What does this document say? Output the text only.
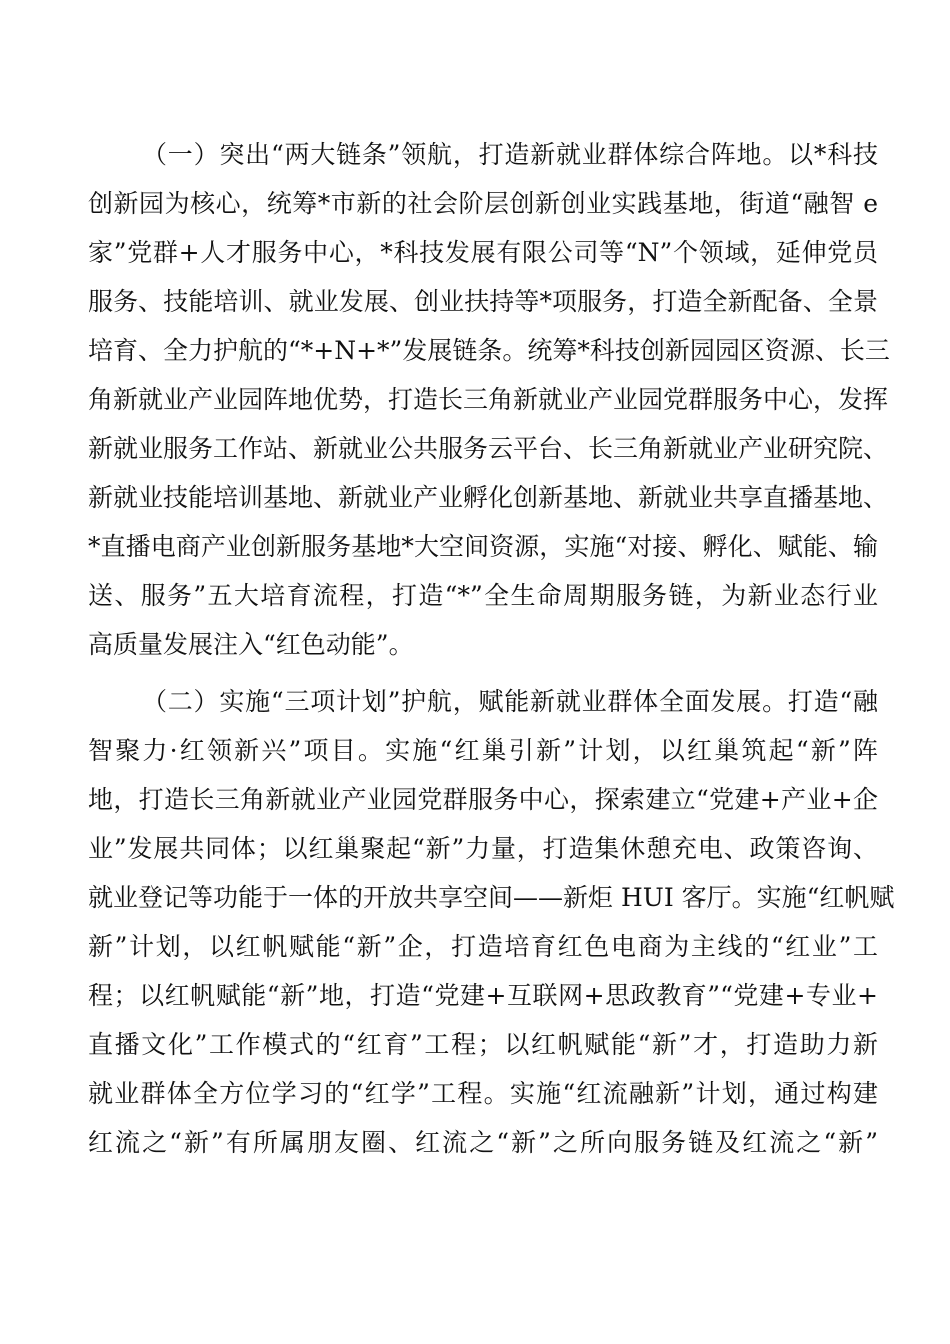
（一）突出“两大链条”领航，打造新就业群体综合阵地。以*科技
创新园为核心，统筹*市新的社会阶层创新创业实践基地，街道“融智 e
家”党群+人才服务中心，*科技发展有限公司等“N”个领域，延伸党员
服务、技能培训、就业发展、创业扶持等*项服务，打造全新配备、全景
培育、全力护航的“*+N+*”发展链条。统筹*科技创新园园区资源、长三
角新就业产业园阵地优势，打造长三角新就业产业园党群服务中心，发挥
新就业服务工作站、新就业公共服务云平台、长三角新就业产业研究院、
新就业技能培训基地、新就业产业孵化创新基地、新就业共享直播基地、
*直播电商产业创新服务基地*大空间资源，实施“对接、孵化、赋能、输
送、服务”五大培育流程，打造“*”全生命周期服务链，为新业态行业
高质量发展注入“红色动能”。
（二）实施“三项计划”护航，赋能新就业群体全面发展。打造“融
智聚力·红领新兴”项目。实施“红巢引新”计划，以红巢筑起“新”阵
地，打造长三角新就业产业园党群服务中心，探索建立“党建+产业+企
业”发展共同体；以红巢聚起“新”力量，打造集休憩充电、政策咨询、
就业登记等功能于一体的开放共享空间——新炬 HUI 客厅。实施“红帆赋
新”计划，以红帆赋能“新”企，打造培育红色电商为主线的“红业”工
程；以红帆赋能“新”地，打造“党建+互联网+思政教育”“党建+专业+
直播文化”工作模式的“红育”工程；以红帆赋能“新”才，打造助力新
就业群体全方位学习的“红学”工程。实施“红流融新”计划，通过构建
红流之“新”有所属朋友圈、红流之“新”之所向服务链及红流之“新”
